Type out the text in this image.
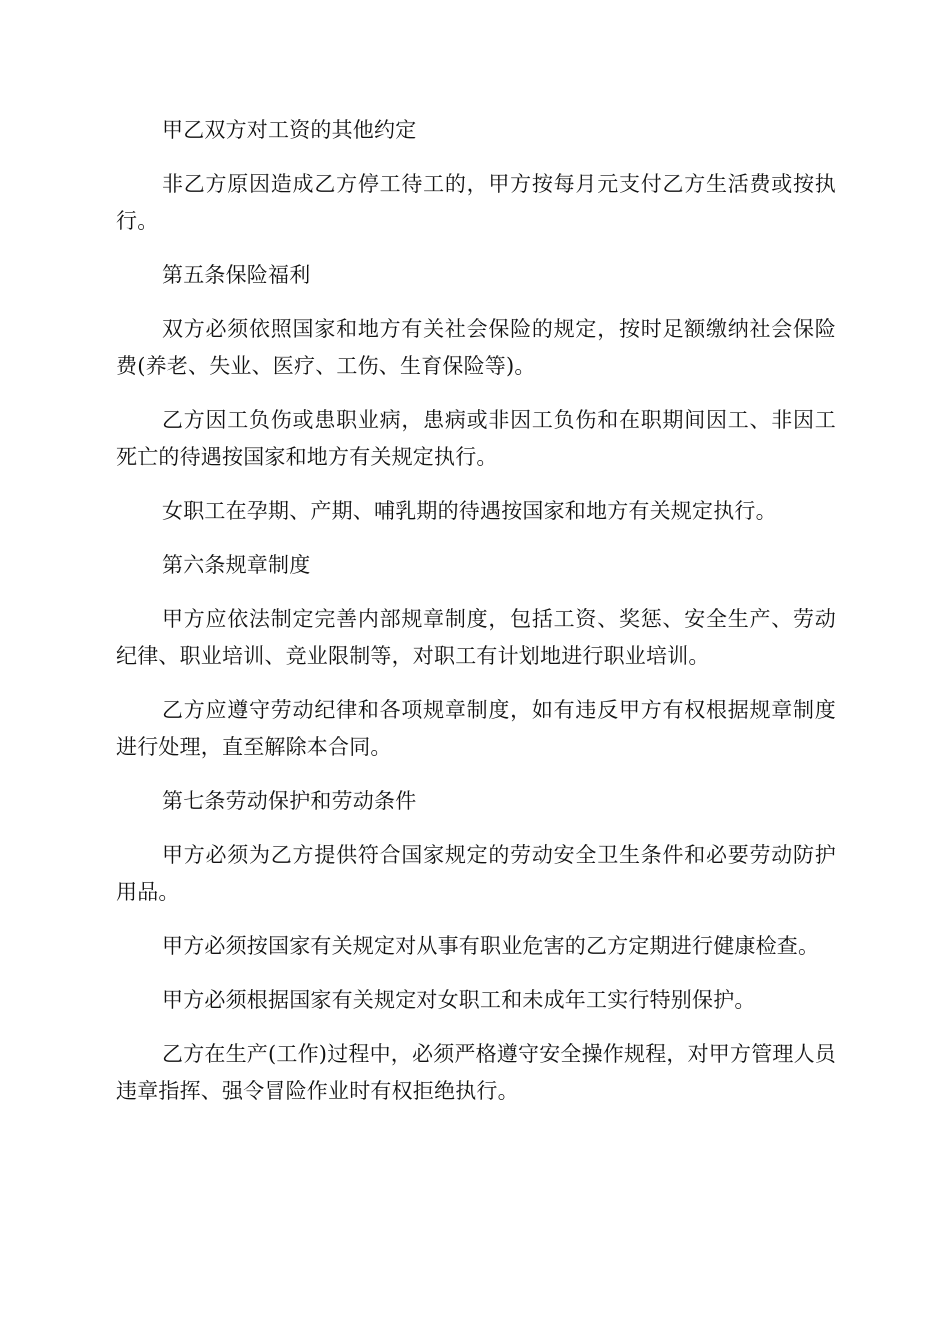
甲乙双方对工资的其他约定

非乙方原因造成乙方停工待工的，甲方按每月元支付乙方生活费或按执行。

第五条保险福利

双方必须依照国家和地方有关社会保险的规定，按时足额缴纳社会保险费(养老、失业、医疗、工伤、生育保险等)。

乙方因工负伤或患职业病，患病或非因工负伤和在职期间因工、非因工死亡的待遇按国家和地方有关规定执行。

女职工在孕期、产期、哺乳期的待遇按国家和地方有关规定执行。

第六条规章制度

甲方应依法制定完善内部规章制度，包括工资、奖惩、安全生产、劳动纪律、职业培训、竞业限制等，对职工有计划地进行职业培训。

乙方应遵守劳动纪律和各项规章制度，如有违反甲方有权根据规章制度进行处理，直至解除本合同。

第七条劳动保护和劳动条件

甲方必须为乙方提供符合国家规定的劳动安全卫生条件和必要劳动防护用品。

甲方必须按国家有关规定对从事有职业危害的乙方定期进行健康检查。

甲方必须根据国家有关规定对女职工和未成年工实行特别保护。

乙方在生产(工作)过程中，必须严格遵守安全操作规程，对甲方管理人员违章指挥、强令冒险作业时有权拒绝执行。
